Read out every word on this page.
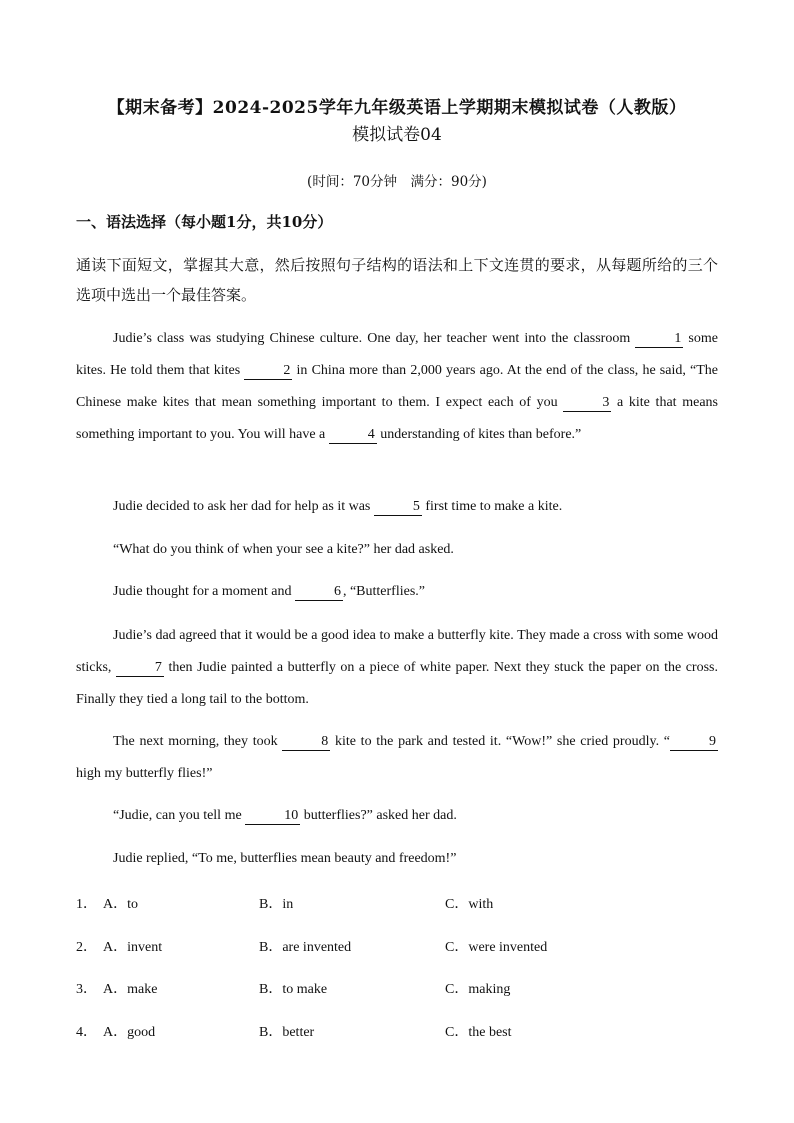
【期末备考】2024-2025学年九年级英语上学期期末模拟试卷（人教版）
模拟试卷04
(时间：70分钟　满分：90分)
一、语法选择（每小题1分，共10分）
通读下面短文，掌握其大意，然后按照句子结构的语法和上下文连贯的要求，从每题所给的三个选项中选出一个最佳答案。

Judie’s class was studying Chinese culture. One day, her teacher went into the classroom	1 some kites. He told them that kites	2 in China more than 2,000 years ago. At the end of the class, he said, “The Chinese make kites that mean something important to them. I expect each of you	3 a kite that means something important to you. You will have a	4 understanding of kites than before.”

Judie decided to ask her dad for help as it was	5 first time to make a kite.

“What do you think of when your see a kite?” her dad asked.

Judie thought for a moment and	6 , “Butterflies.”

Judie’s dad agreed that it would be a good idea to make a butterfly kite. They made a cross with some wood sticks,	7 then Judie painted a butterfly on a piece of white paper. Next they stuck the paper on the cross. Finally they tied a long tail to the bottom.

The next morning, they took	8 kite to the park and tested it. “Wow!” she cried proudly. “	9 high my butterfly flies!”

“Judie, can you tell me	10 butterflies?” asked her dad.

Judie replied, “To me, butterflies mean beauty and freedom!”

1． A．to	B．in	C．with
2． A．invent	B．are invented	C．were invented
3． A．make	B．to make	C．making
4． A．good	B．better	C．the best
